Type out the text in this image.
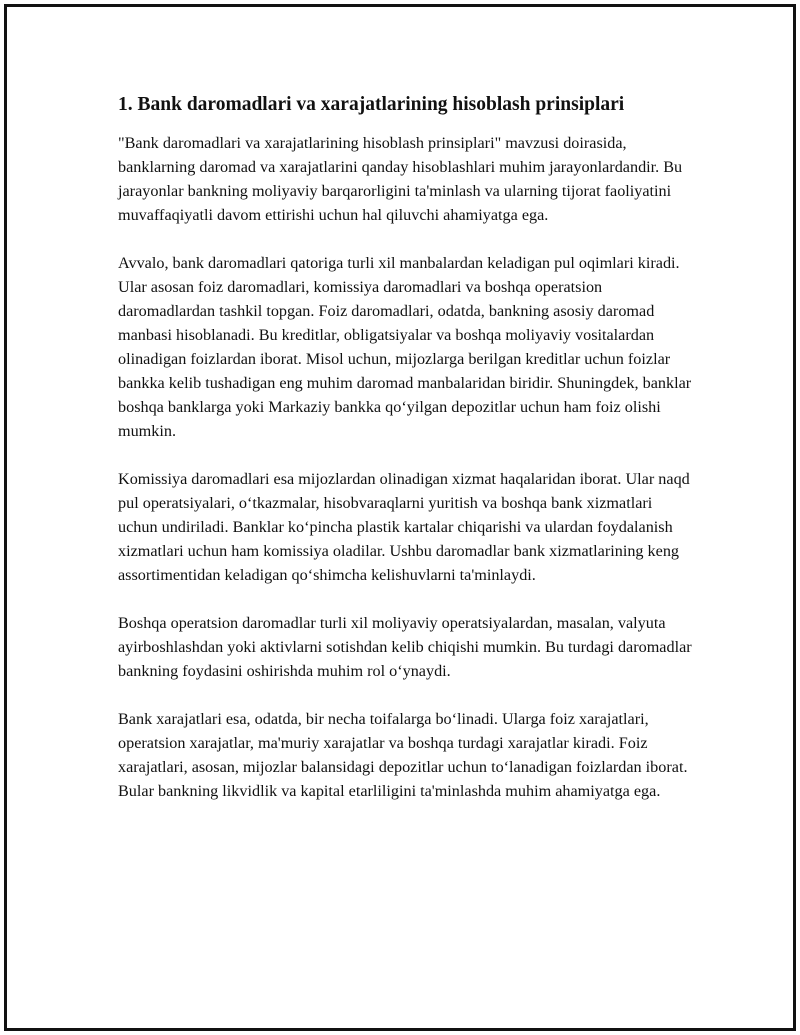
1. Bank daromadlari va xarajatlarining hisoblash prinsiplari

"Bank daromadlari va xarajatlarining hisoblash prinsiplari" mavzusi doirasida, banklarning daromad va xarajatlarini qanday hisoblashlari muhim jarayonlardandir. Bu jarayonlar bankning moliyaviy barqarorligini ta'minlash va ularning tijorat faoliyatini muvaffaqiyatli davom ettirishi uchun hal qiluvchi ahamiyatga ega.

Avvalo, bank daromadlari qatoriga turli xil manbalardan keladigan pul oqimlari kiradi. Ular asosan foiz daromadlari, komissiya daromadlari va boshqa operatsion daromadlardan tashkil topgan. Foiz daromadlari, odatda, bankning asosiy daromad manbasi hisoblanadi. Bu kreditlar, obligatsiyalar va boshqa moliyaviy vositalardan olinadigan foizlardan iborat. Misol uchun, mijozlarga berilgan kreditlar uchun foizlar bankka kelib tushadigan eng muhim daromad manbalaridan biridir. Shuningdek, banklar boshqa banklarga yoki Markaziy bankka qo‘yilgan depozitlar uchun ham foiz olishi mumkin.

Komissiya daromadlari esa mijozlardan olinadigan xizmat haqalaridan iborat. Ular naqd pul operatsiyalari, o‘tkazmalar, hisobvaraqlarni yuritish va boshqa bank xizmatlari uchun undiriladi. Banklar ko‘pincha plastik kartalar chiqarishi va ulardan foydalanish xizmatlari uchun ham komissiya oladilar. Ushbu daromadlar bank xizmatlarining keng assortimentidan keladigan qo‘shimcha kelishuvlarni ta'minlaydi.

Boshqa operatsion daromadlar turli xil moliyaviy operatsiyalardan, masalan, valyuta ayirboshlashdan yoki aktivlarni sotishdan kelib chiqishi mumkin. Bu turdagi daromadlar bankning foydasini oshirishda muhim rol o‘ynaydi.

Bank xarajatlari esa, odatda, bir necha toifalarga bo‘linadi. Ularga foiz xarajatlari, operatsion xarajatlar, ma'muriy xarajatlar va boshqa turdagi xarajatlar kiradi. Foiz xarajatlari, asosan, mijozlar balansidagi depozitlar uchun to‘lanadigan foizlardan iborat. Bular bankning likvidlik va kapital etarliligini ta'minlashda muhim ahamiyatga ega.
